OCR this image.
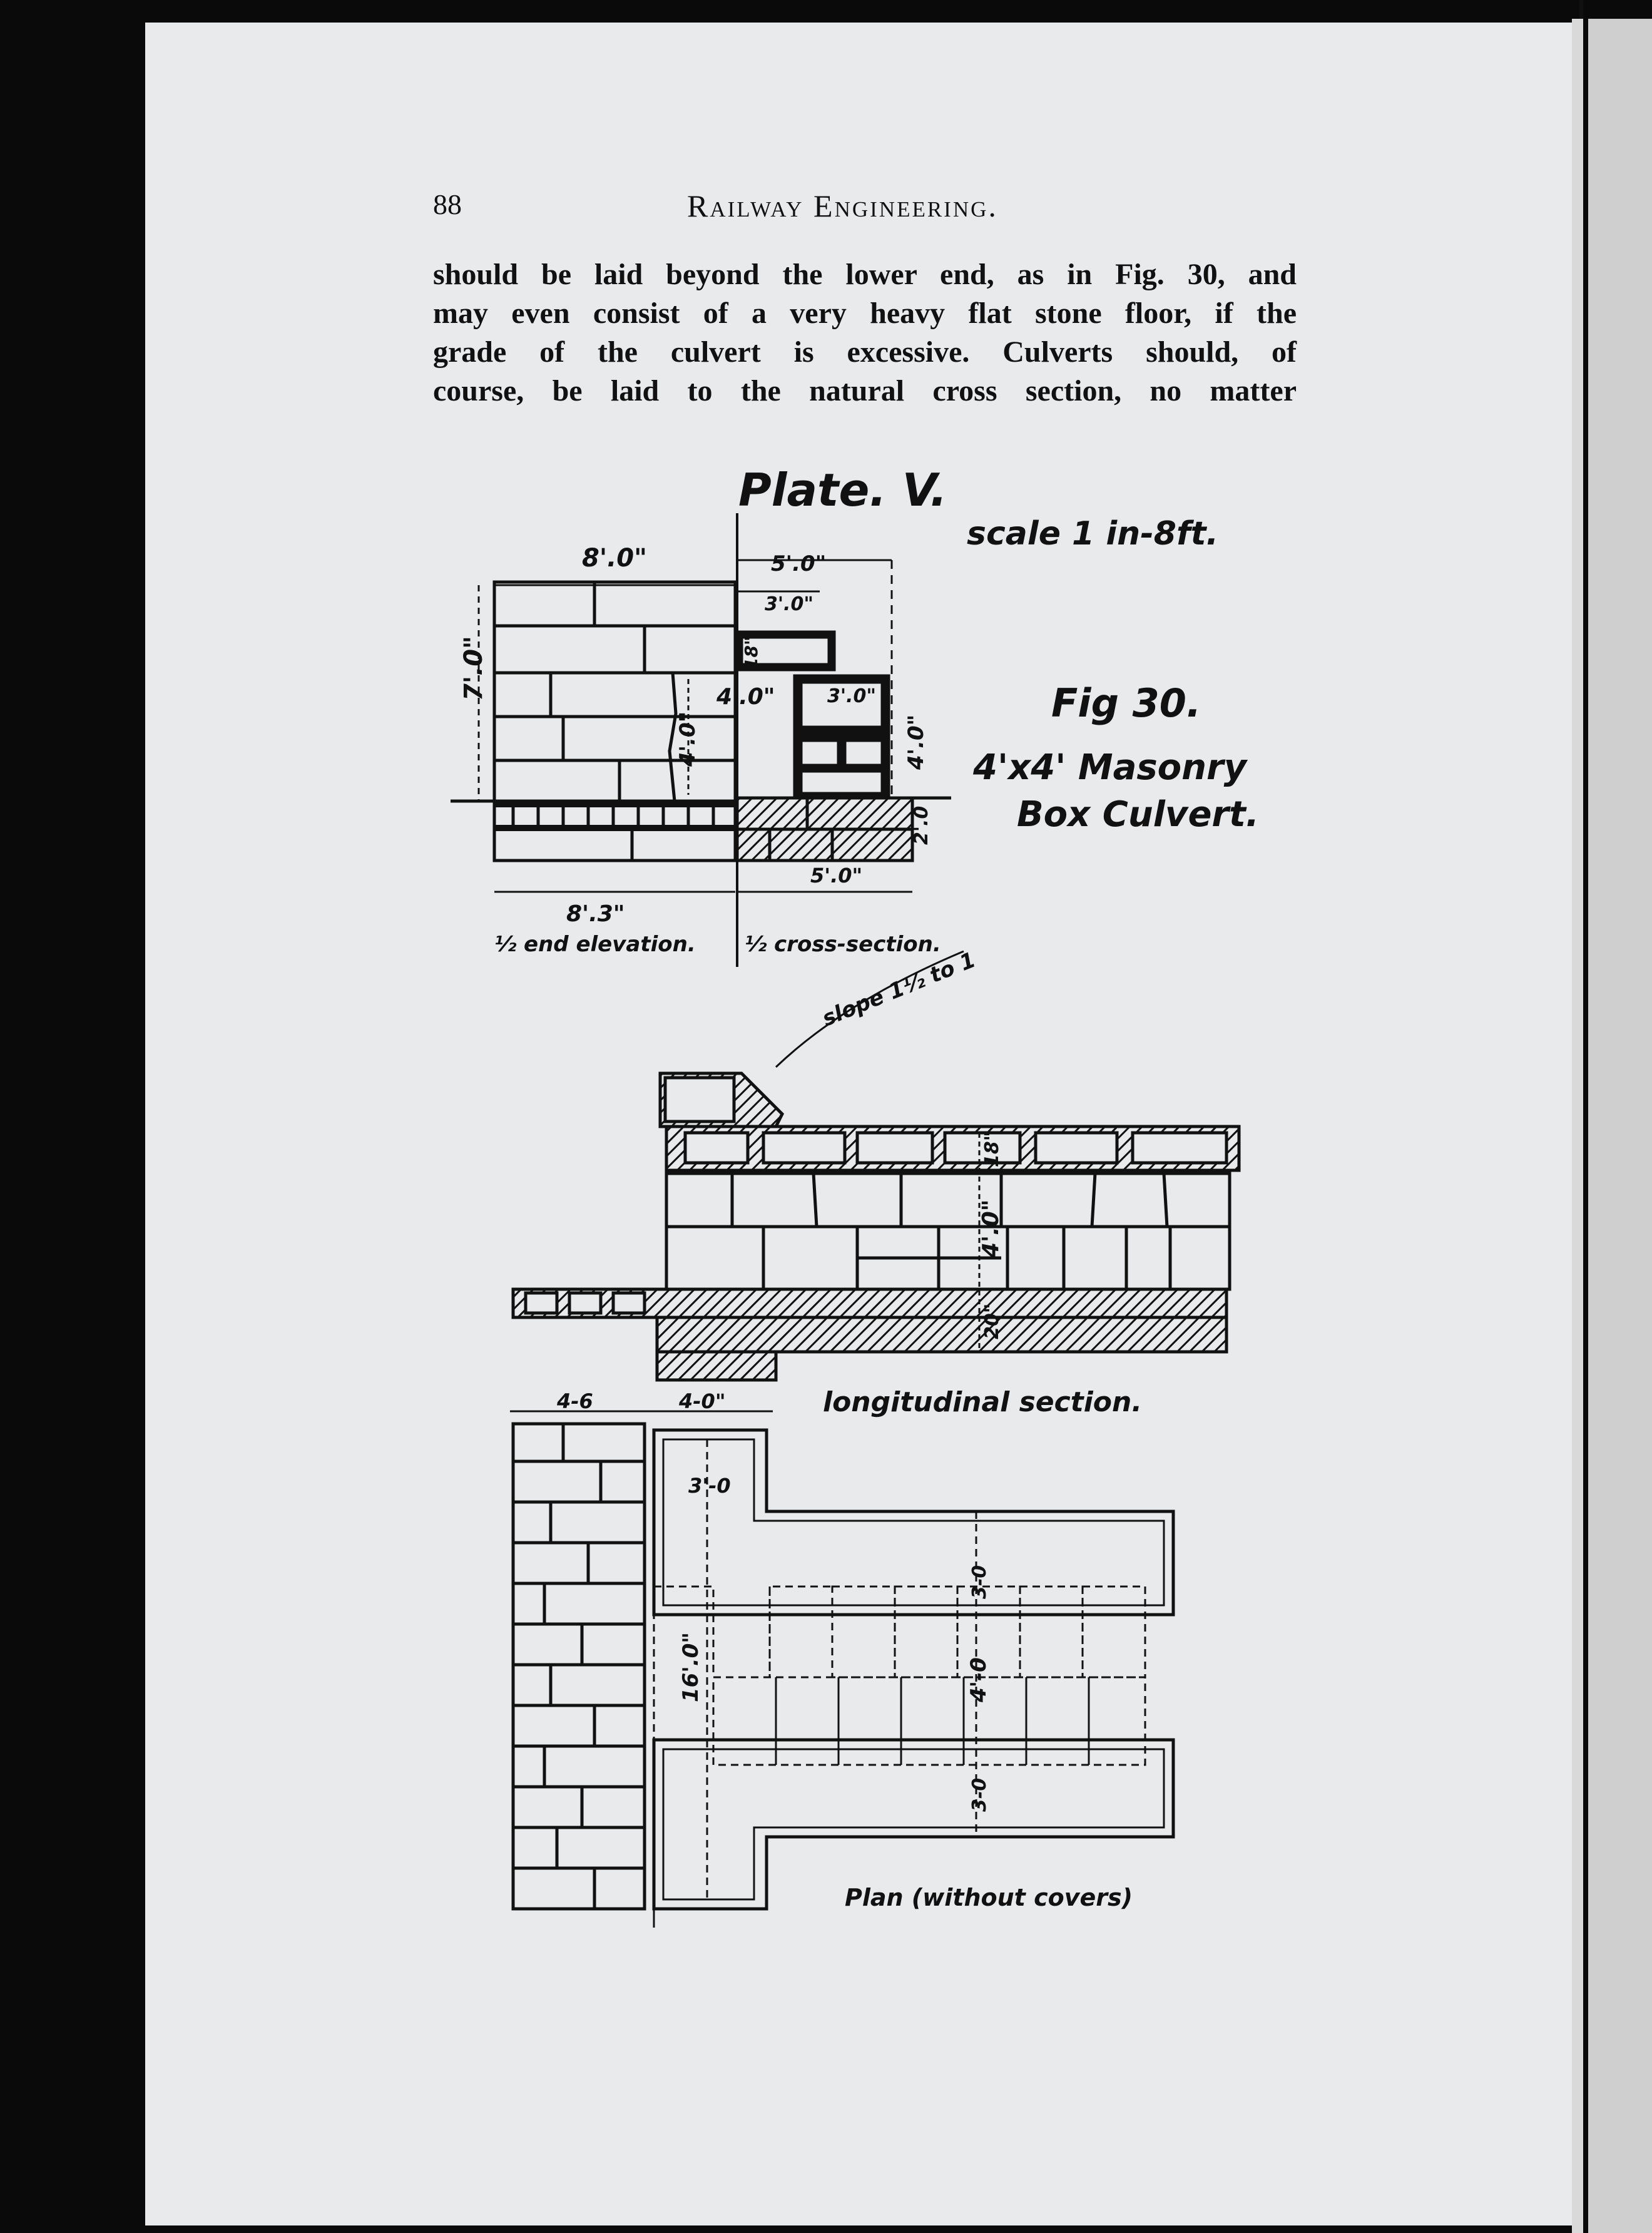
88	Railway Engineering.
should be laid beyond the lower end, as in Fig. 30, and
may even consist of a very heavy flat stone floor, if the
grade of the culvert is excessive. Culverts should, of
course, be laid to the natural cross section, no matter
Plate. V.
scale 1 in-8ft.
Fig 30.
4'x4' Masonry
Box Culvert.
8'.0"
7'.0"
8'.3"
½ end elevation.
5'.0"
3'.0"
18"
4'.0"	3'.0"
4'.0"	4'.0"
2'.0
5'.0"
½ cross-section.
slope 1½ to 1
18"
4'.0"
20"
longitudinal section.
4-6	4-0"
3'-0
3-0
16'.0"	4'-0
3-0
Plan (without covers)
